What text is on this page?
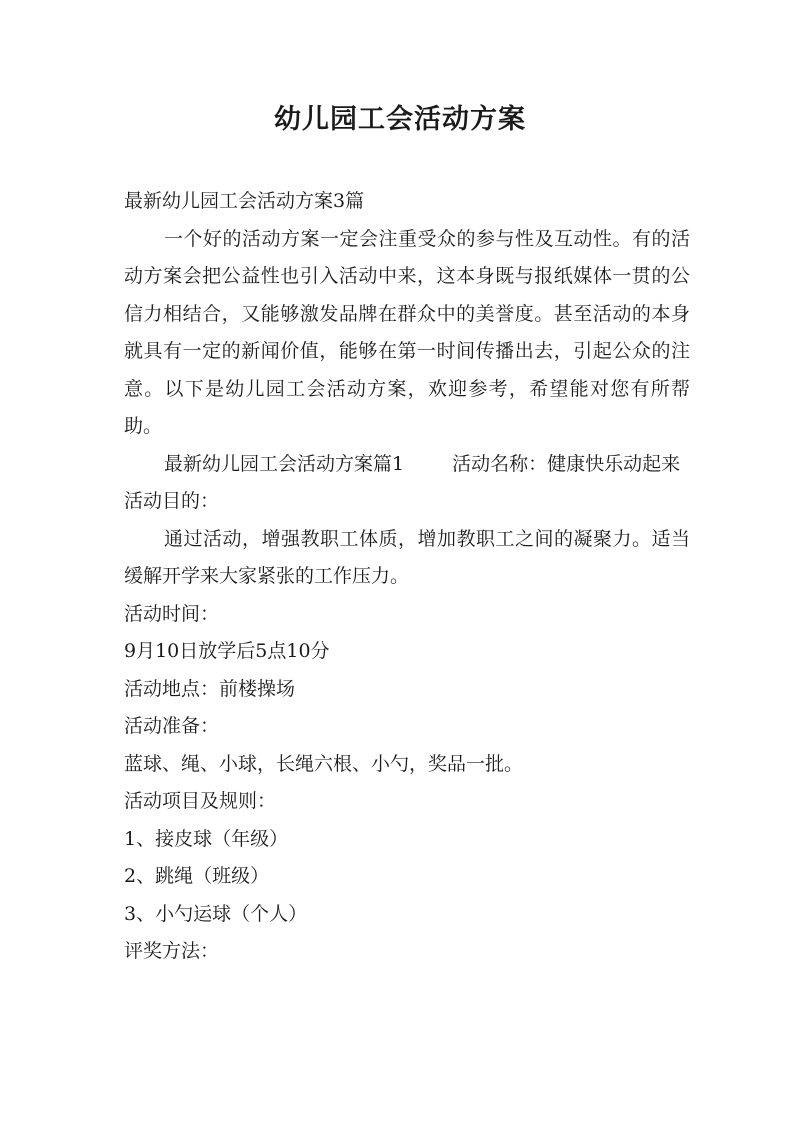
幼儿园工会活动方案

最新幼儿园工会活动方案3篇

一个好的活动方案一定会注重受众的参与性及互动性。有的活动方案会把公益性也引入活动中来，这本身既与报纸媒体一贯的公信力相结合，又能够激发品牌在群众中的美誉度。甚至活动的本身就具有一定的新闻价值，能够在第一时间传播出去，引起公众的注意。以下是幼儿园工会活动方案，欢迎参考，希望能对您有所帮助。

最新幼儿园工会活动方案篇1	活动名称：健康快乐动起来

活动目的：

通过活动，增强教职工体质，增加教职工之间的凝聚力。适当缓解开学来大家紧张的工作压力。

活动时间：

9月10日放学后5点10分

活动地点：前楼操场

活动准备：

蓝球、绳、小球，长绳六根、小勺，奖品一批。

活动项目及规则：

1、接皮球（年级）

2、跳绳（班级）

3、小勺运球（个人）

评奖方法：
